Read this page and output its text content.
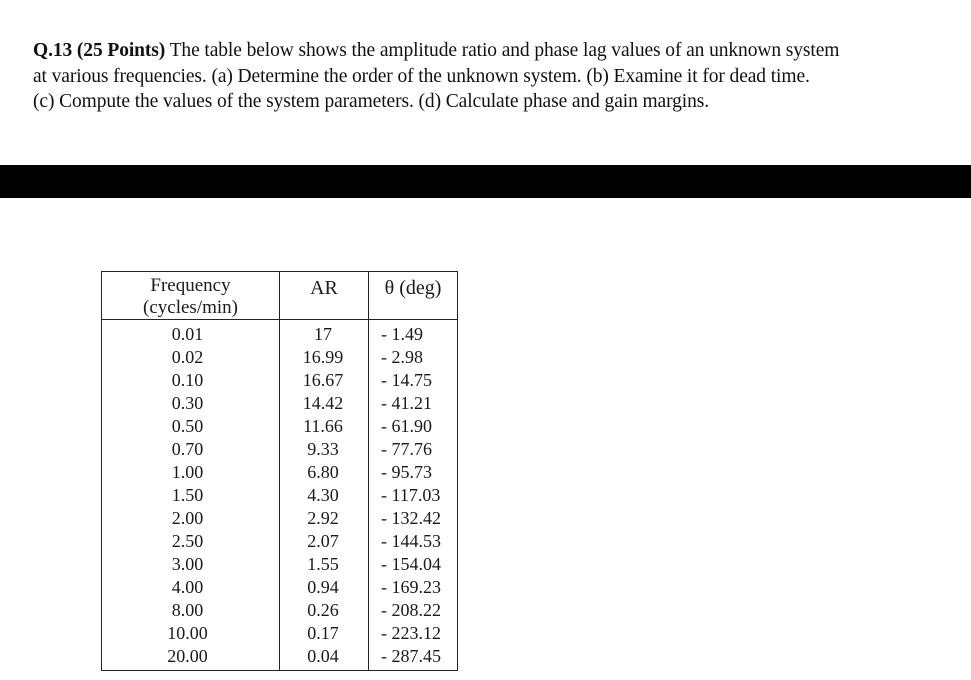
Q.13 (25 Points) The table below shows the amplitude ratio and phase lag values of an unknown system
at various frequencies. (a) Determine the order of the unknown system. (b) Examine it for dead time.
(c) Compute the values of the system parameters. (d) Calculate phase and gain margins.
Frequency
(cycles/min)	AR	θ (deg)
0.01	17	- 1.49
0.02	16.99	- 2.98
0.10	16.67	- 14.75
0.30	14.42	- 41.21
0.50	11.66	- 61.90
0.70	9.33	- 77.76
1.00	6.80	- 95.73
1.50	4.30	- 117.03
2.00	2.92	- 132.42
2.50	2.07	- 144.53
3.00	1.55	- 154.04
4.00	0.94	- 169.23
8.00	0.26	- 208.22
10.00	0.17	- 223.12
20.00	0.04	- 287.45
